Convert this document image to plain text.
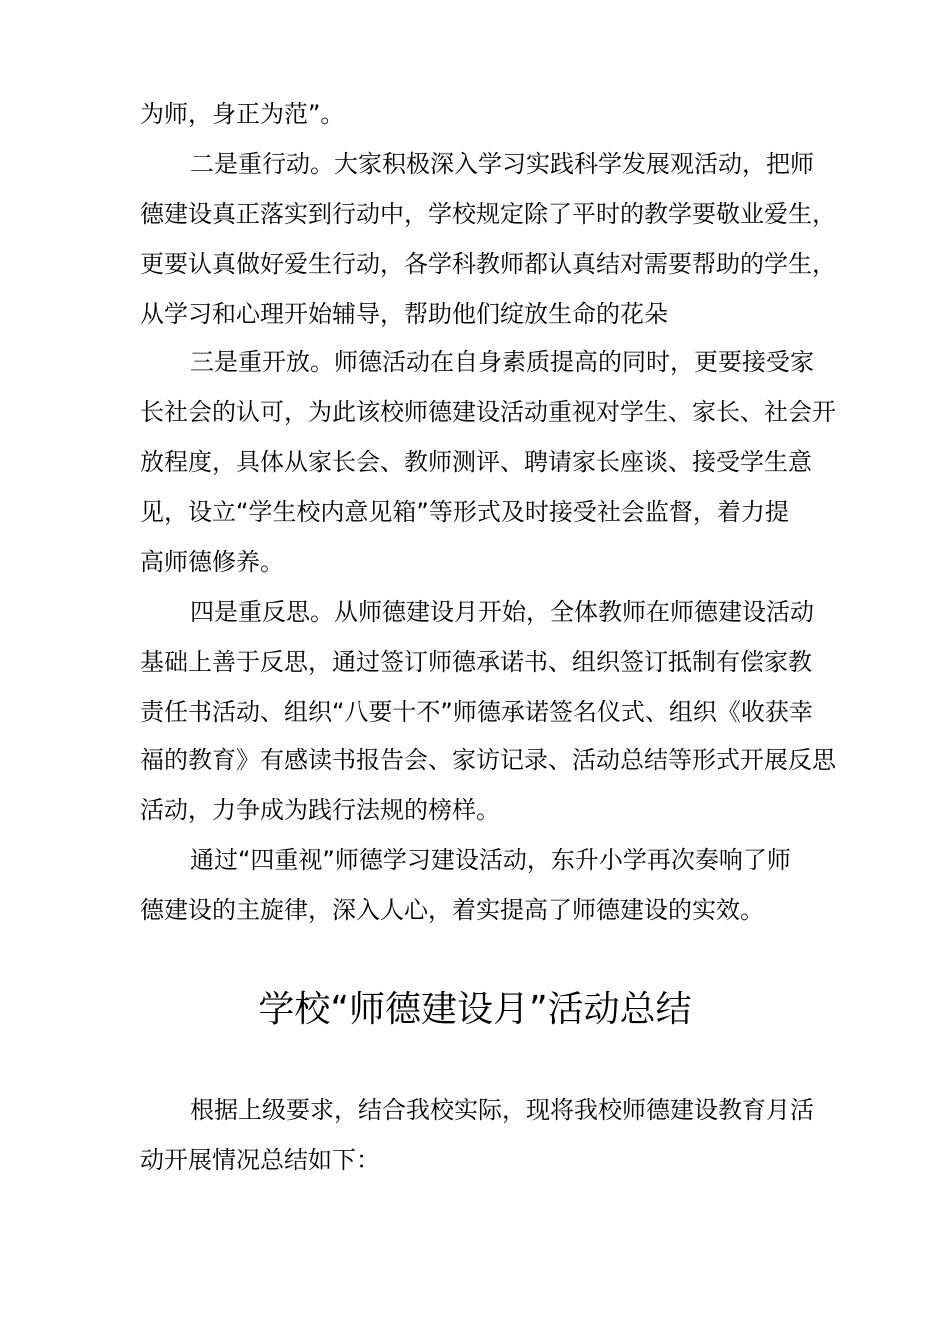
为师，身正为范”。
二是重行动。大家积极深入学习实践科学发展观活动，把师
德建设真正落实到行动中，学校规定除了平时的教学要敬业爱生，
更要认真做好爱生行动，各学科教师都认真结对需要帮助的学生，
从学习和心理开始辅导，帮助他们绽放生命的花朵
三是重开放。师德活动在自身素质提高的同时，更要接受家
长社会的认可，为此该校师德建设活动重视对学生、家长、社会开
放程度，具体从家长会、教师测评、聘请家长座谈、接受学生意
见，设立“学生校内意见箱”等形式及时接受社会监督，着力提
高师德修养。
四是重反思。从师德建设月开始，全体教师在师德建设活动
基础上善于反思，通过签订师德承诺书、组织签订抵制有偿家教
责任书活动、组织“八要十不”师德承诺签名仪式、组织《收获幸
福的教育》有感读书报告会、家访记录、活动总结等形式开展反思
活动，力争成为践行法规的榜样。
通过“四重视”师德学习建设活动，东升小学再次奏响了师
德建设的主旋律，深入人心，着实提高了师德建设的实效。
学校“师德建设月”活动总结
根据上级要求，结合我校实际，现将我校师德建设教育月活
动开展情况总结如下：
